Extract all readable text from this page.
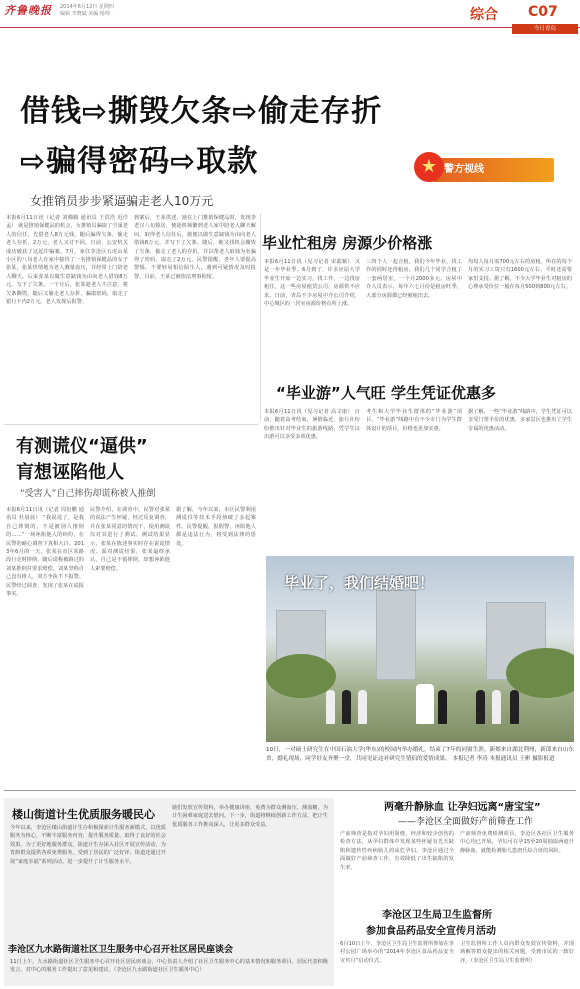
齐鲁晚报	2014年6月12日 星期四
编辑 李晓斌 美编 杨帅	综合	C07
今日青岛
借钱⇨撕毁欠条⇨偷走存折
⇨骗得密码⇨取款
女推销员步步紧逼骗走老人10万元
警方视线
★
本报6月11日讯（记者 刘腾腾 通讯员 王洪浩 迟洋孟） 就是推销保健品的机会，女推销员骗取了空巢老人的信任，先借老人8万元钱，随后骗得欠条，偷走老人存折，2万元，老人又讨不回。日前，公安机关成功破获了这起诈骗案。7月，家住李沧区五虎山某小区的八旬老人在家中接待了一名推销保健品的女子张某，张某热情地为老人测量血压，并经常上门陪老人聊天。后来张某以做生意缺钱为由向老人借钱8万元，写下了欠条。一个月后，张某趁老人不注意，将欠条撕毁，随后又偷走老人存折，骗取密码，取走了银行卡内2万元。老人发现后报警。
到案后，王某供述，她在上门推销保健品时，发现李老汉八旬独居，便趁机频繁到老人家中陪老人聊天解闷，取得老人信任后，她便以做生意缺钱为由向老人借钱8万元，并写下了欠条。随后，她又找机会撕毁了欠条，偷走了老人的存折，并以帮老人取钱为名骗得了密码，取走了2万元。民警提醒，老年人要提高警惕，不要轻易相信陌生人，遇到可疑情况及时报警。目前，王某已被依法刑事拘留。
毕业忙租房 房源少价格涨
本报6月11日讯（见习记者 宋聪颖） 又是一年毕业季。6月到了，许多应届大学毕业生开始一边实习，找工作，一边找房租住，这一些房屋租赁公司，房源供不应求。日前，青岛不少房屋中介公司介绍，中心城区的一居室房源价格有所上涨。
三四个人一起合租。我们今年毕业，找工作的同时还得租房，我们几个同学合租了一套两居室，一个月2000多元。房屋中介人员表示，每年六七月份是租房旺季，大部分房源都已经被租出去。
均每人每月需700元左右的房租。所在的每个月的实习工资只有1600元左右，平时还需要家里支持。据了解，不少大学毕业生对租房的心理承受价位一般在每月500到800元左右。
“毕业游”人气旺 学生凭证优惠多
本报6月11日讯（见习记者 高文康） 日前，随着高考结束，暑假临近，旅行社纷纷推出针对毕业生的旅游线路，凭学生证出游可以享受多项优惠。
考生和大学毕业生群体的“毕业游”项目，“毕业游”线路中有不少专门为学生群体设计的项目，价格也更加实惠。
据了解，一些“毕业游”线路中，学生凭证可以享受门票半价的优惠，多家景区也推出了学生专属的优惠活动。
有测谎仪“逼供”
肓想诬陷他人
“受害人”自己摔伤却谎称被人推倒
本报6月11日讯（记者 周衍鹏 通讯员 杜晨晨） “我说谎了，是我自己摔倒的，不是被别人推倒的……”一场诬陷他人的纠纷，在民警的耐心调查下真相大白。2013年6月的一天，张某在市区某路段行走时摔倒，随后谎称被路过的刘某推倒并要求赔偿。刘某坚称自己没有推人，双方争执不下报警。民警经过调查，发现了张某在谎报事实。
民警介绍，在调查中，民警对张某的说法产生怀疑，经过反复调查，并在张某同意的情况下，使用测谎仪对其进行了测试。测试结果显示，张某在陈述事实时存在说谎情况。面对测谎结果，张某最终承认，自己是不慎摔倒，却想诬陷他人索要赔偿。
据了解，今年以来，市区民警利用测谎仪等技术手段侦破了多起案件。民警提醒，报假警、诬陷他人都是违法行为，将受到法律的惩处。
毕业了，我们结婚吧！
10日，一对硕士研究生在中国石油大学(华东)的校园内举办婚礼，结束了7年的同窗生涯。新娘来自湖北荆州，新郎来自山东省，婚礼现场，同学好友齐聚一堂，共同见证这对研究生情侣的爱情成果。 本报记者 李涛 本报通讯员 王彬 摄影报道
楼山街道计生优质服务暖民心
今年以来，李沧区楼山街道计生办积极探索计生服务新模式，以优质服务为核心，不断丰富服务内容，提升服务质量，取得了良好的社会效果。为了更好地服务群众，街道计生办深入社区开展宣传活动，为育龄群众提供各项免费服务，受到了居民的广泛好评。街道还通过开展“家庭幸福”系列活动，进一步提升了计生服务水平。
她们发放宣传资料，举办健康讲座，免费为群众测血压、测血糖，为计生困难家庭送去慰问。下一步，街道将继续创新工作方法，把计生优质服务工作推向深入，让更多群众受益。
李沧区九水路街道社区卫生服务中心召开社区居民座谈会
11日上午，九水路街道社区卫生服务中心召开社区居民座谈会，中心负责人介绍了社区卫生服务中心的基本情况和服务项目，居民代表积极发言，对中心的服务工作提出了意见和建议。（李沧区九水路街道社区卫生服务中心）
两毫升静脉血 让孕妇远离“唐宝宝”
——李沧区全面做好产前筛查工作
产前筛查是指对孕妇用简便、经济和较少创伤的检查方法，从孕妇群体中发现某些怀疑有先天缺陷和遗传性疾病胎儿的高危孕妇。李沧区通过全面做好产前筛查工作，有效降低了出生缺陷的发生率。
产前筛查免费检测项目，李沧区各社区卫生服务中心均已开展。孕妇可在孕15至20周抽取两毫升静脉血，就能检测胎儿患唐氏综合征的风险。
李沧区卫生局卫生监督所
参加食品药品安全宣传月活动
6月10日上午，李沧区卫生局卫生监督所参加在李村公园广场举办的“2014年李沧区食品药品安全宣传月”启动仪式。
卫生监督所工作人员向群众发放宣传资料，并现场解答群众提出的相关问题，受到市民的一致好评。（李沧区卫生局卫生监督所）
